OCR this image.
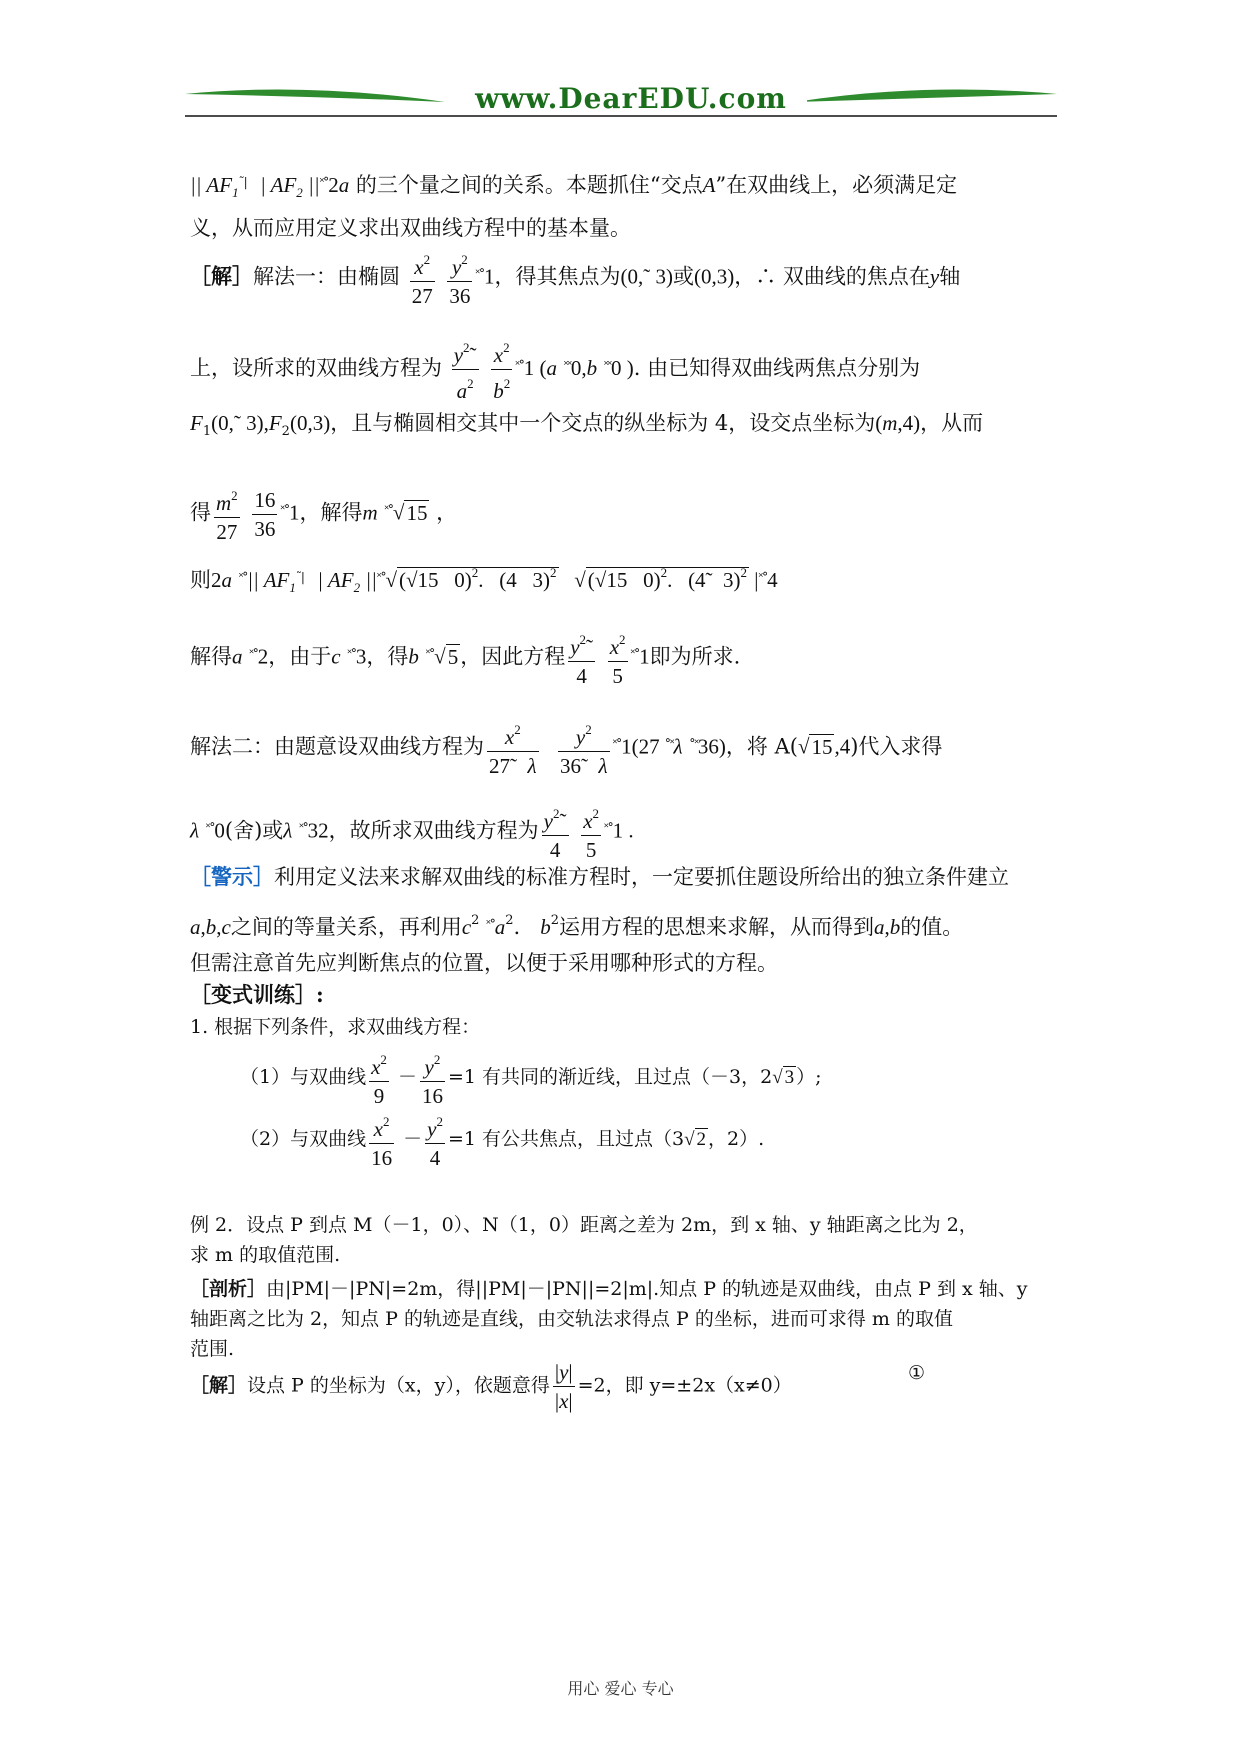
www.DearEDU.com
|| $AF_1^{˜|}$ | $AF_2$ ||˟°2a 的三个量之间的关系。本题抓住“交点A”在双曲线上，必须满足定
义，从而应用定义求出双曲线方程中的基本量。
［解］解法一：由椭圆 $\frac{x^2}{27}$
$\frac{y^2}{36} ^{˟^\circ}1$，得其焦点为(0,˜ 3)或(0,3)，∴ 双曲线的焦点在y轴
上，设所求的双曲线方程为 $\frac{y^2˜}{a^2}$
$\frac{x^2}{b^2} ^{˟^\circ}1$ (a ˟˟0,b ˟˟0 ). 由已知得双曲线两焦点分别为
$F_1(0,˜$ $3),F_2(0,3)$，且与椭圆相交其中一个交点的纵坐标为 4，设交点坐标为(m,4)，从而
得 $\frac{m^2}{27}$
$\frac{16}{36} ^{˟^\circ}1$，解得m ˟°√15 ，
则2a ˟°|| $AF_1^{˜|}$ | $AF_2$ ||˟°√(√15   0)$^2$.   (4   3)$^2$   √(√15   0)$^2$.   (4˜  3)$^2$ |˟°4
解得a ˟°2，由于c ˟°3，得b ˟°√5，因此方程 $\frac{y^2˜}{4}$
$\frac{x^2}{5} ^{˟^\circ}1$即为所求.
解法二：由题意设双曲线方程为 $\frac{x^2}{27˜ \lambda}$
$\frac{y^2}{36˜ \lambda} ^{˟^\circ}1(27$ °˟λ °˟36)，将 A(√15,4)代入求得
λ ˟°0(舍)或λ ˟°32，故所求双曲线方程为 $\frac{y^2˜}{4}$
$\frac{x^2}{5} ^{˟^\circ}1$ .
［警示］利用定义法来求解双曲线的标准方程时，一定要抓住题设所给出的独立条件建立
a,b,c之间的等量关系，再利用$c^2$ $^{˟^\circ}a^2$.   $b^2$运用方程的思想来求解，从而得到a,b的值。
但需注意首先应判断焦点的位置，以便于采用哪种形式的方程。
［变式训练］:
1. 根据下列条件，求双曲线方程：
（1）与双曲线 $\frac{x^2}{9} - \frac{y^2}{16} =1$ 有共同的渐近线，且过点（－3，2√ 3 ）;
（2）与双曲线 $\frac{x^2}{16} - \frac{y^2}{4} =1$ 有公共焦点，且过点（3√ 2 ，2）.
例 2．设点 P 到点 M（－1，0）、N（1，0）距离之差为 2m，到 x 轴、y 轴距离之比为 2，
求 m 的取值范围.
［剖析］由|PM|－|PN|=2m，得||PM|－|PN||=2|m|.知点 P 的轨迹是双曲线，由点 P 到 x 轴、y
轴距离之比为 2，知点 P 的轨迹是直线，由交轨法求得点 P 的坐标，进而可求得 m 的取值
范围.
［解］设点 P 的坐标为（x，y），依题意得 $\frac{|y|}{|x|} =2$，即 y=±2x（x≠0）
①
用心 爱心 专心
